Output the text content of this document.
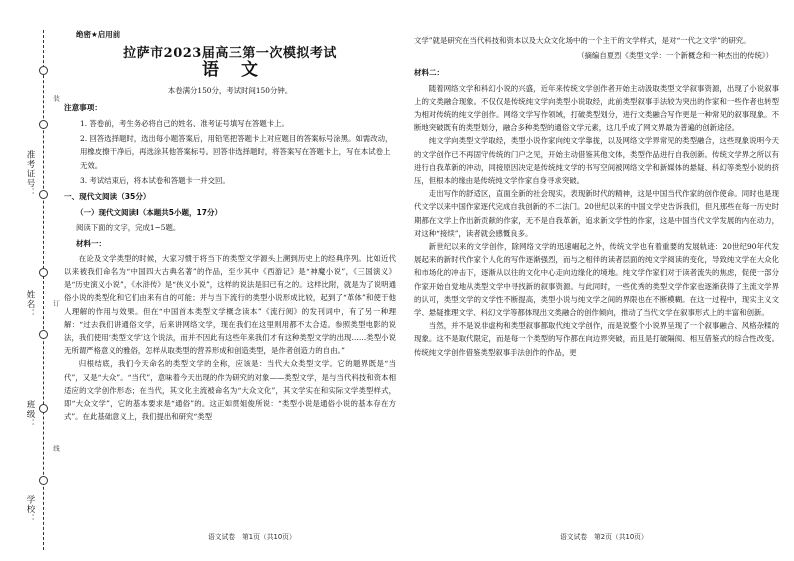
准考证号：
姓名：
班级：
学校：
装
订
线
绝密★启用前
拉萨市2023届高三第一次模拟考试
语文
本卷满分150分，考试时间150分钟。
注意事项：

1. 答卷前，考生务必将自己的姓名、准考证号填写在答题卡上。

2. 回答选择题时，选出每小题答案后，用铅笔把答题卡上对应题目的答案标号涂黑。如需改动，用橡皮擦干净后，再选涂其他答案标号。回答非选择题时，将答案写在答题卡上，写在本试卷上无效。

3. 考试结束后，将本试卷和答题卡一并交回。

一、现代文阅读（35分）
（一）现代文阅读Ⅰ（本题共5小题，17分）
阅读下面的文字，完成1~5题。
材料一：

在论及文学类型的时候，大家习惯于将当下的类型文学源头上溯到历史上的经典序列。比如近代以来被我们命名为“中国四大古典名著”的作品，至少其中《西游记》是“神魔小说”，《三国演义》是“历史演义小说”，《水浒传》是“侠义小说”，这样的说法是旧已有之的。这样比附，就是为了说明通俗小说的类型化和它们由来有自的可能；并与当下流行的类型小说形成比较，起到了“革体”和使于他人理解的作用与效果。但在“中国首本类型文学概念读本”《流行阅》的发刊词中，有了另一种理解：“过去我们讲通俗文学，后来讲网络文学，现在我们在这里则用都不太合适。参照类型电影的说法，我们使用‘类型文学’这个说法，而并不因此有这些年来我们才有这种类型文学的出现……类型小说无所谓严格意义的雅俗，怎样从取类型的营养形成和创造类型，是作者创造力的自由。”

归根结底，我们今天命名的类型文学的全称，应该是：当代大众类型文学。它的题界既是“当代”，又是“大众”。“当代”，意味着今天出现的作为研究的对象——类型文学，是与当代科技和资本相适应的文学创作形态；在当代，其文化主流被命名为“大众文化”，其文学实在和实际文学类型样式，即“大众文学”，它的基本要求是“通俗”的。这正如贯姐俊所说：“类型小说是通俗小说的基本存在方式”。在此基础意义上，我们提出和研究“类型

文学”就是研究在当代科技和资本以及大众文化场中的一个主干的文学样式，是对“一代之文学”的研究。

（摘编自夏烈《类型文学：一个新概念和一种杰出的传统》）
材料二：

随着网络文学和科幻小说的兴盛，近年来传统文学创作者开始主动汲取类型文学叙事资源，出现了小说叙事上的文类融合现象。不仅仅是传统纯文学向类型小说取经，此前类型叙事手法较为突出的作家和一些作者也转型为相对传统的纯文学创作。网络文学写作领域，打破类型划分，进行文类融合写作更是一种常见的叙事现象。不断地突破既有的类型划分，融合多种类型的通俗文学元素，这几乎成了网文界最为普遍的创新途径。

纯文学向类型文学取经，类型小说作家向纯文学靠拢，以及网络文学界常见的类型融合，这些现象说明今天的文学创作已不再固守传统的门户之见，开始主动借鉴其他文体，类型作品进行自我创新。传统文学界之所以有进行自我革新的冲动，同接原因决定是传统纯文学的书写空间被网络文学和新媒体的悬疑、科幻等类型小说的挤压，但根本的缘由是传统纯文学作家自身寻求突破。

走出写作的舒适区，直面全新的社会现实，表现新时代的精神，这是中国当代作家的创作使命。同时也是现代文学以来中国作家逐代完成自我创新的不二法门。20世纪以来的中国文学史告诉我们，但凡那些在每一历史时期都在文学上作出新贡献的作家，无不是自我革新，追求新文学性的作家，这是中国当代文学发展的内在动力，对这种“接续”，读者就会感慨良多。

新世纪以来的文学创作，除网络文学的迅速崛起之外，传统文学也有着重要的发展轨迹：20世纪90年代发展起来的新时代作家个人化的写作逐渐强烈，而与之相伴的读者层面的纯文学阅读的变化，导致纯文学在大众化和市场化的冲击下，逐渐从以往的文化中心走向边缘化的境地。纯文学作家们对于读者流失的焦虑，促使一部分作家开始自觉地从类型文学中寻找新的叙事资源。与此同时，一些优秀的类型文学作家也逐渐获得了主流文学界的认可，类型文学的文学性不断提高，类型小说与纯文学之间的界限也在不断模糊。在这一过程中，现实主义文学、悬疑推理文学、科幻文学等都体现出文类融合的创作倾向，推动了当代文学在叙事形式上的丰富和创新。

当然，并不是说非虚构和类型叙事都取代纯文学创作，而是说整个小说界呈现了一个叙事融合、风格杂糅的现象。这不是取代限定，而是每一个类型的写作都在向边界突破，而且是打破隔阂、相互借鉴式的综合性改变。传统纯文学创作借鉴类型叙事手法创作的作品，更

语文试卷　第1页（共10页）	语文试卷　第2页（共10页）
